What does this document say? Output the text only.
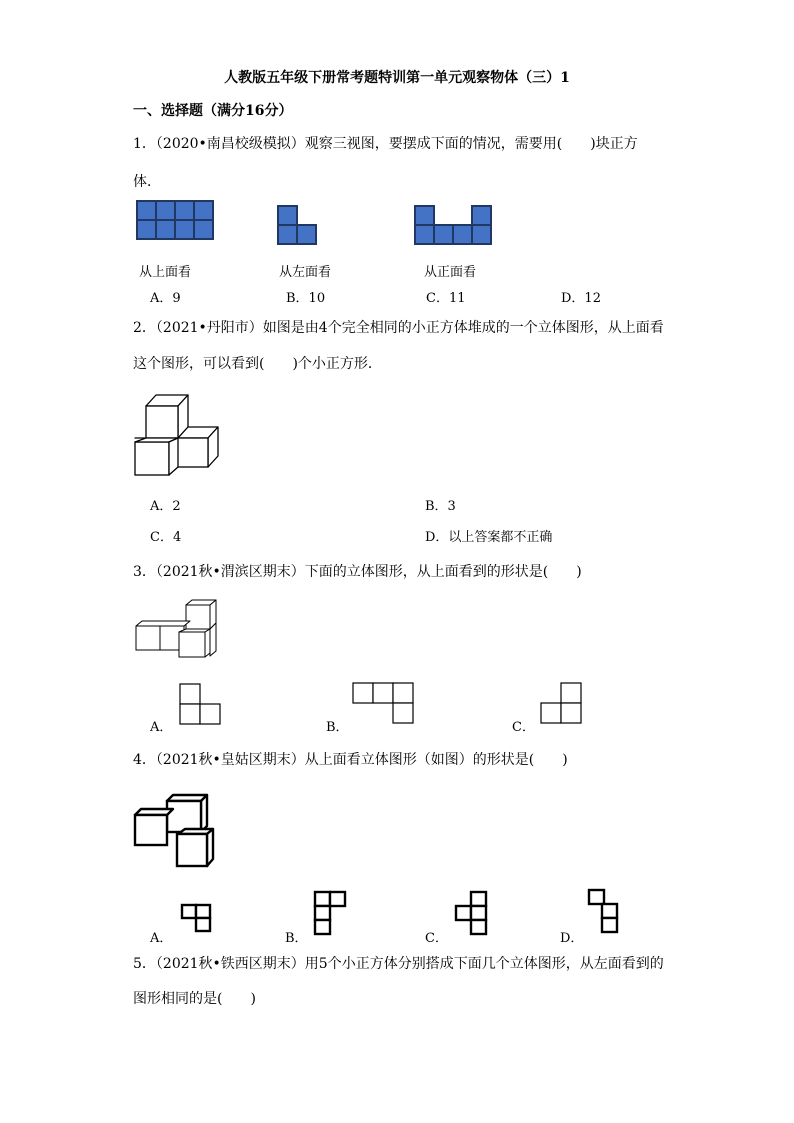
人教版五年级下册常考题特训第一单元观察物体（三）1
一、选择题（满分16分）
1．（2020•南昌校级模拟）观察三视图，要摆成下面的情况，需要用(　　)块正方
体．
从上面看	从左面看	从正面看
A．9	B．10	C．11	D．12
2．（2021•丹阳市）如图是由4个完全相同的小正方体堆成的一个立体图形，从上面看
这个图形，可以看到(　　)个小正方形．
A．2	B．3
C．4	D．以上答案都不正确
3．（2021秋•渭滨区期末）下面的立体图形，从上面看到的形状是(　　)
A．	B．	C．
4．（2021秋•皇姑区期末）从上面看立体图形（如图）的形状是(　　)
A．	B．	C．	D．
5．（2021秋•铁西区期末）用5个小正方体分别搭成下面几个立体图形，从左面看到的
图形相同的是(　　)
